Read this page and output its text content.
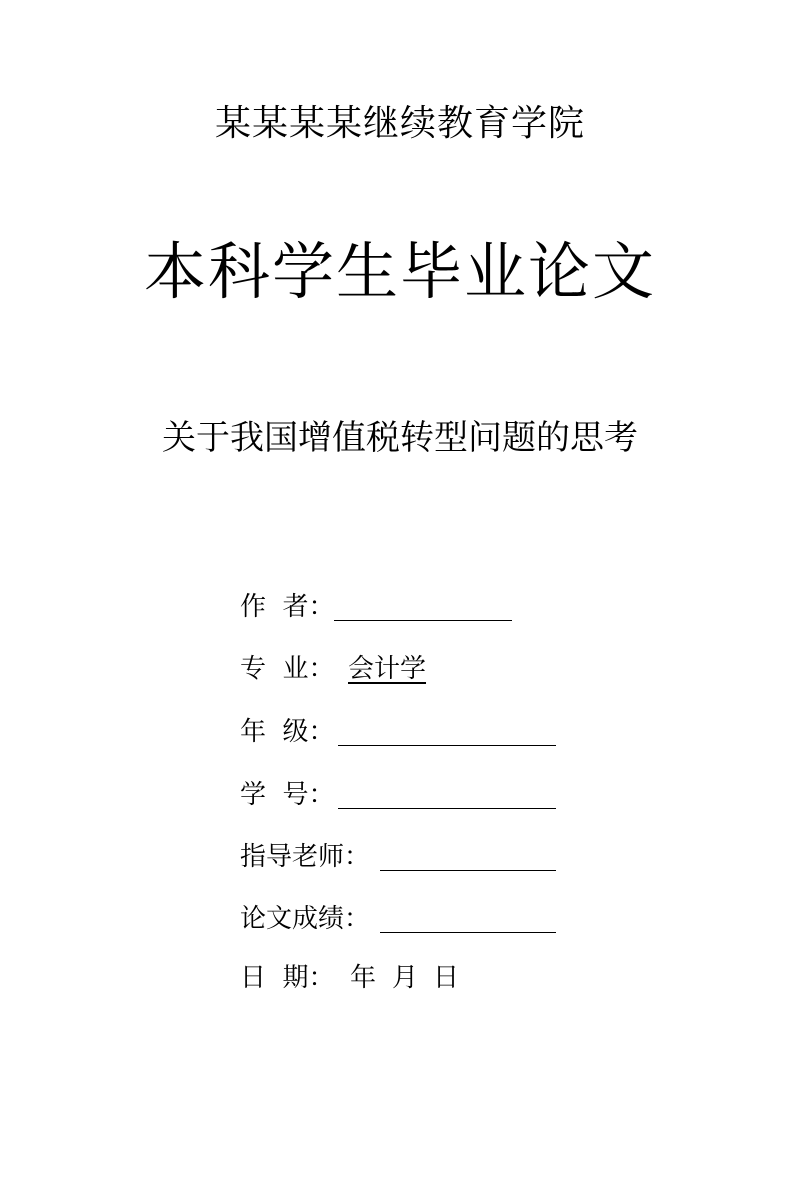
某某某某继续教育学院
本科学生毕业论文
关于我国增值税转型问题的思考
作  者：
专  业： 会计学
年  级：
学  号：
指导老师：
论文成绩：
日  期： 年 月 日
